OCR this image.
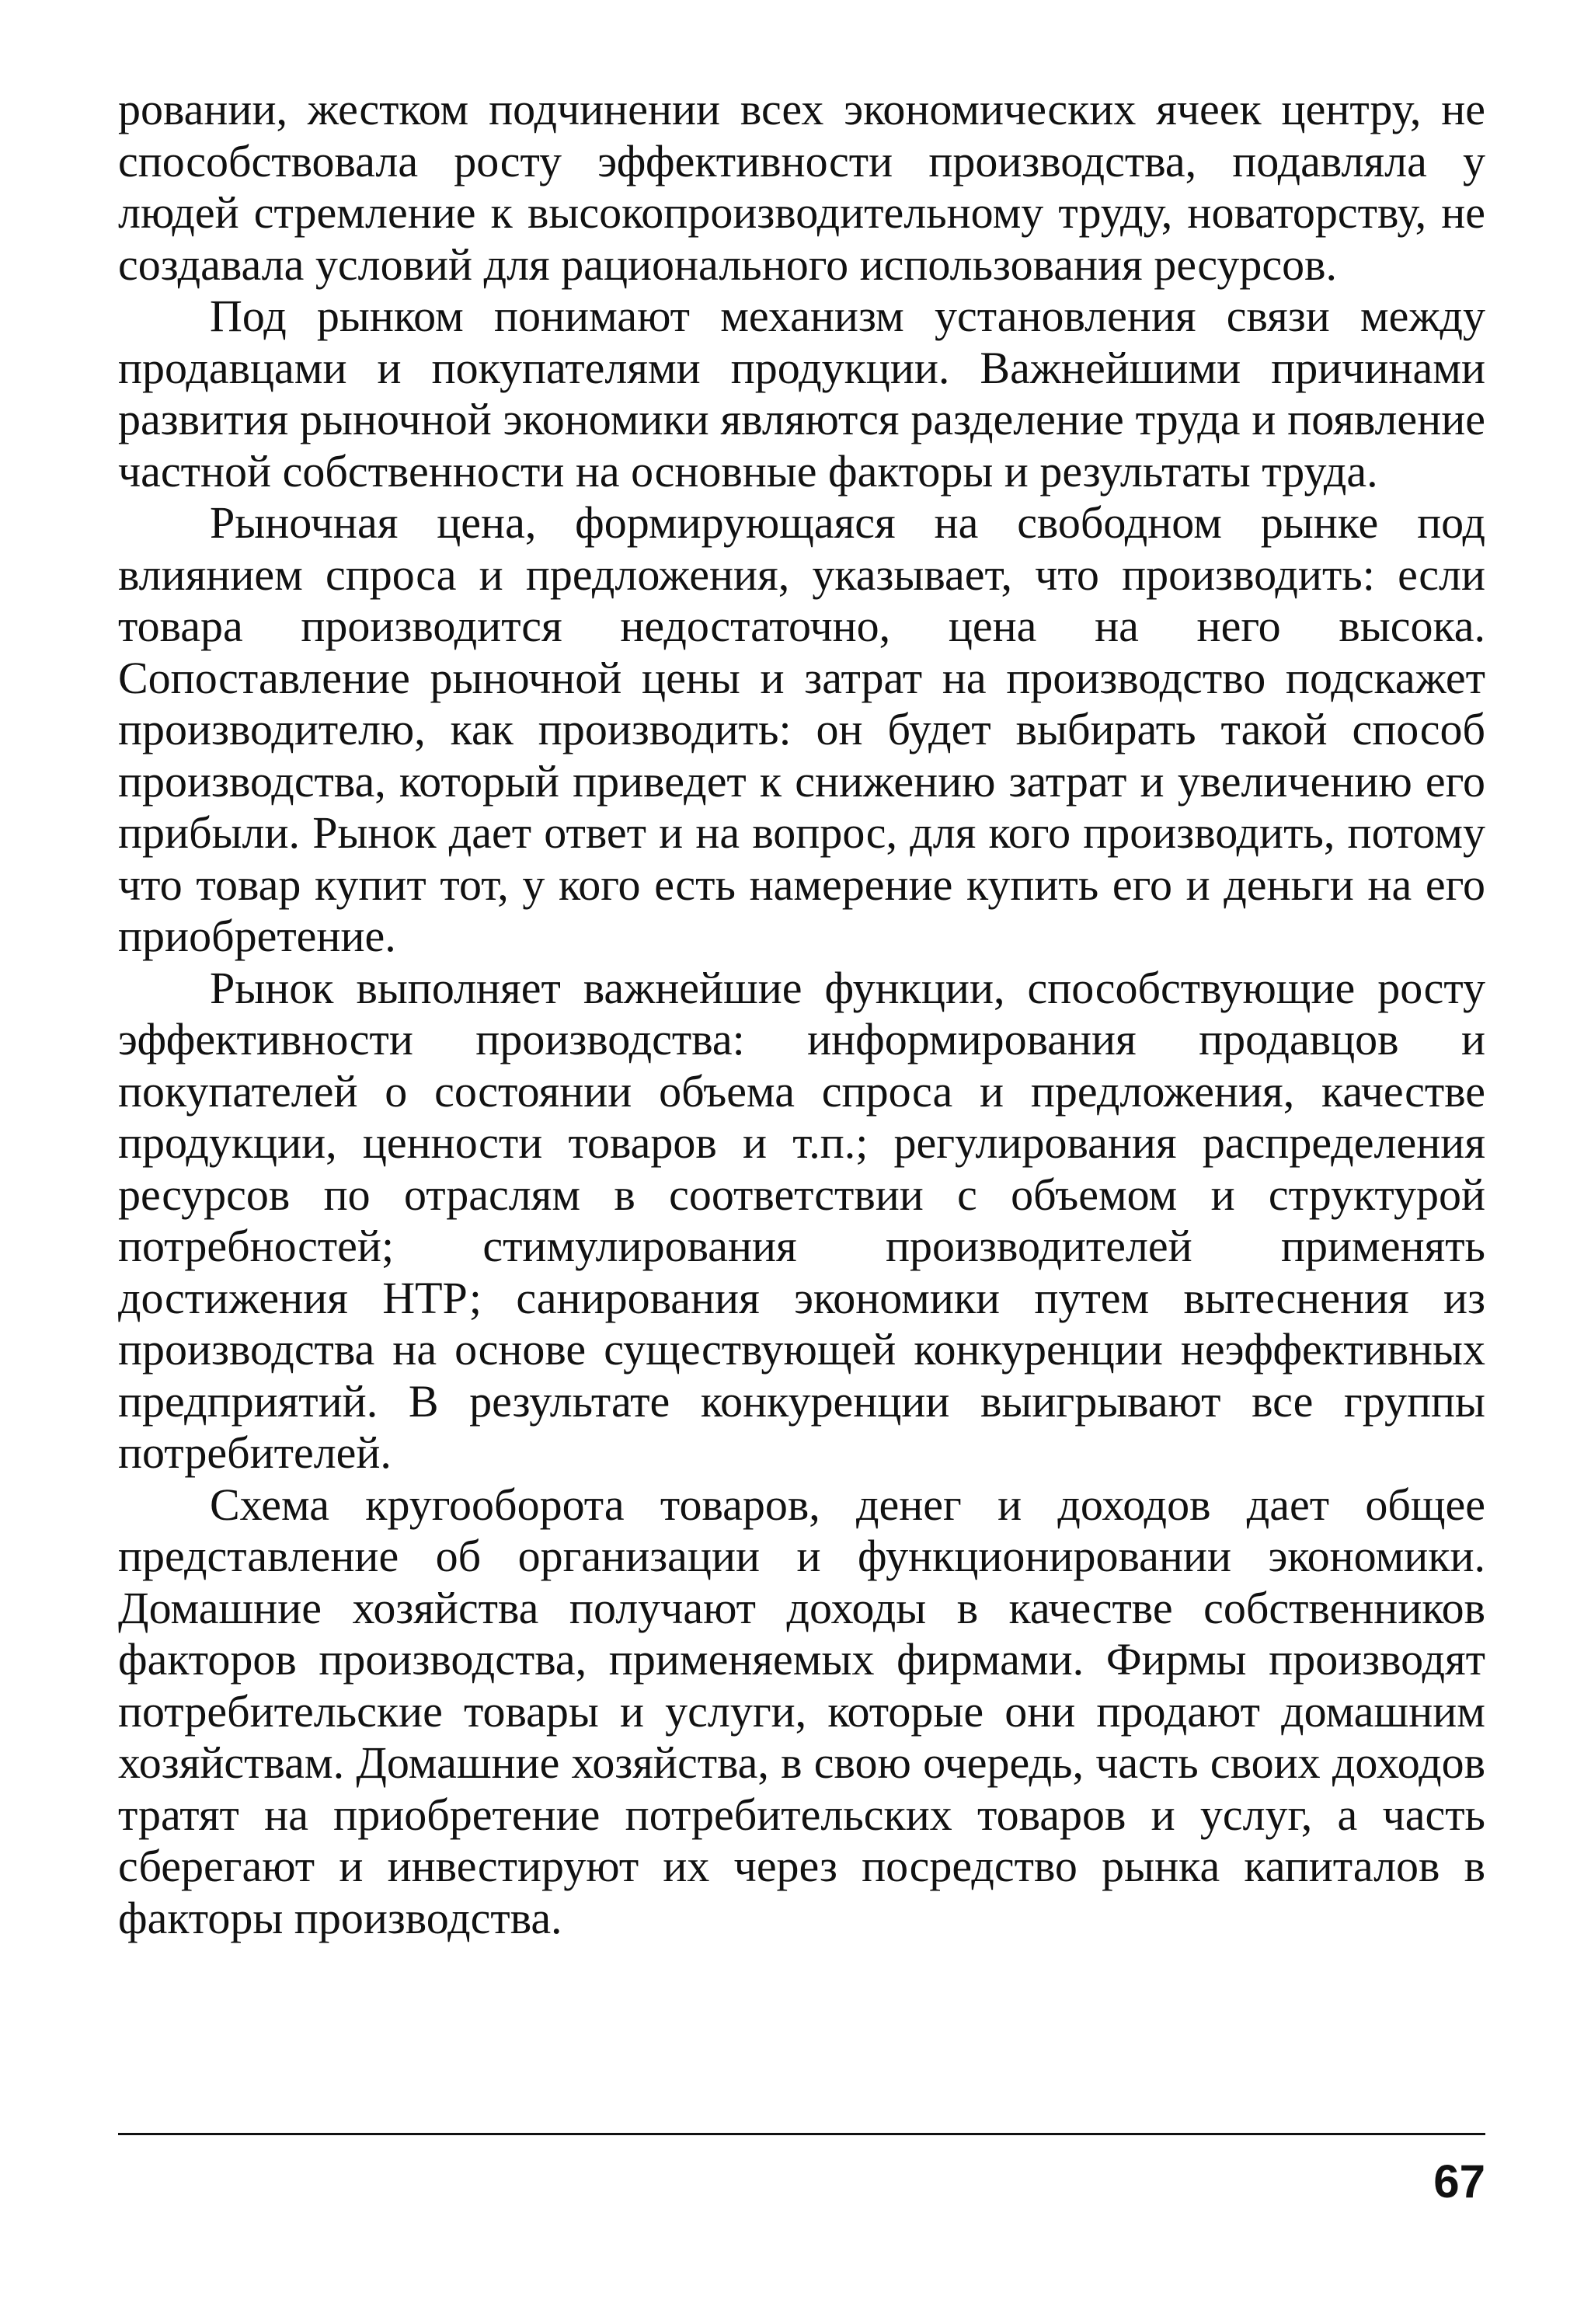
ровании, жестком подчинении всех экономических ячеек центру, не способствовала росту эффективности производства, подавляла у людей стремление к высокопроизводительному труду, новаторству, не создавала условий для рационального использования ресурсов.

Под рынком понимают механизм установления связи между продавцами и покупателями продукции. Важнейшими причинами развития рыночной экономики являются разделение труда и появление частной собственности на основные факторы и результаты труда.

Рыночная цена, формирующаяся на свободном рынке под влиянием спроса и предложения, указывает, что производить: если товара производится недостаточно, цена на него высока. Сопоставление рыночной цены и затрат на производство подскажет производителю, как производить: он будет выбирать такой способ производства, который приведет к снижению затрат и увеличению его прибыли. Рынок дает ответ и на вопрос, для кого производить, потому что товар купит тот, у кого есть намерение купить его и деньги на его приобретение.

Рынок выполняет важнейшие функции, способствующие росту эффективности производства: информирования продавцов и покупателей о состоянии объема спроса и предложения, качестве продукции, ценности товаров и т.п.; регулирования распределения ресурсов по отраслям в соответствии с объемом и структурой потребностей; стимулирования производителей применять достижения НТР; санирования экономики путем вытеснения из производства на основе существующей конкуренции неэффективных предприятий. В результате конкуренции выигрывают все группы потребителей.

Схема кругооборота товаров, денег и доходов дает общее представление об организации и функционировании экономики. Домашние хозяйства получают доходы в качестве собственников факторов производства, применяемых фирмами. Фирмы производят потребительские товары и услуги, которые они продают домашним хозяйствам. Домашние хозяйства, в свою очередь, часть своих доходов тратят на приобретение потребительских товаров и услуг, а часть сберегают и инвестируют их через посредство рынка капиталов в факторы производства.

67
